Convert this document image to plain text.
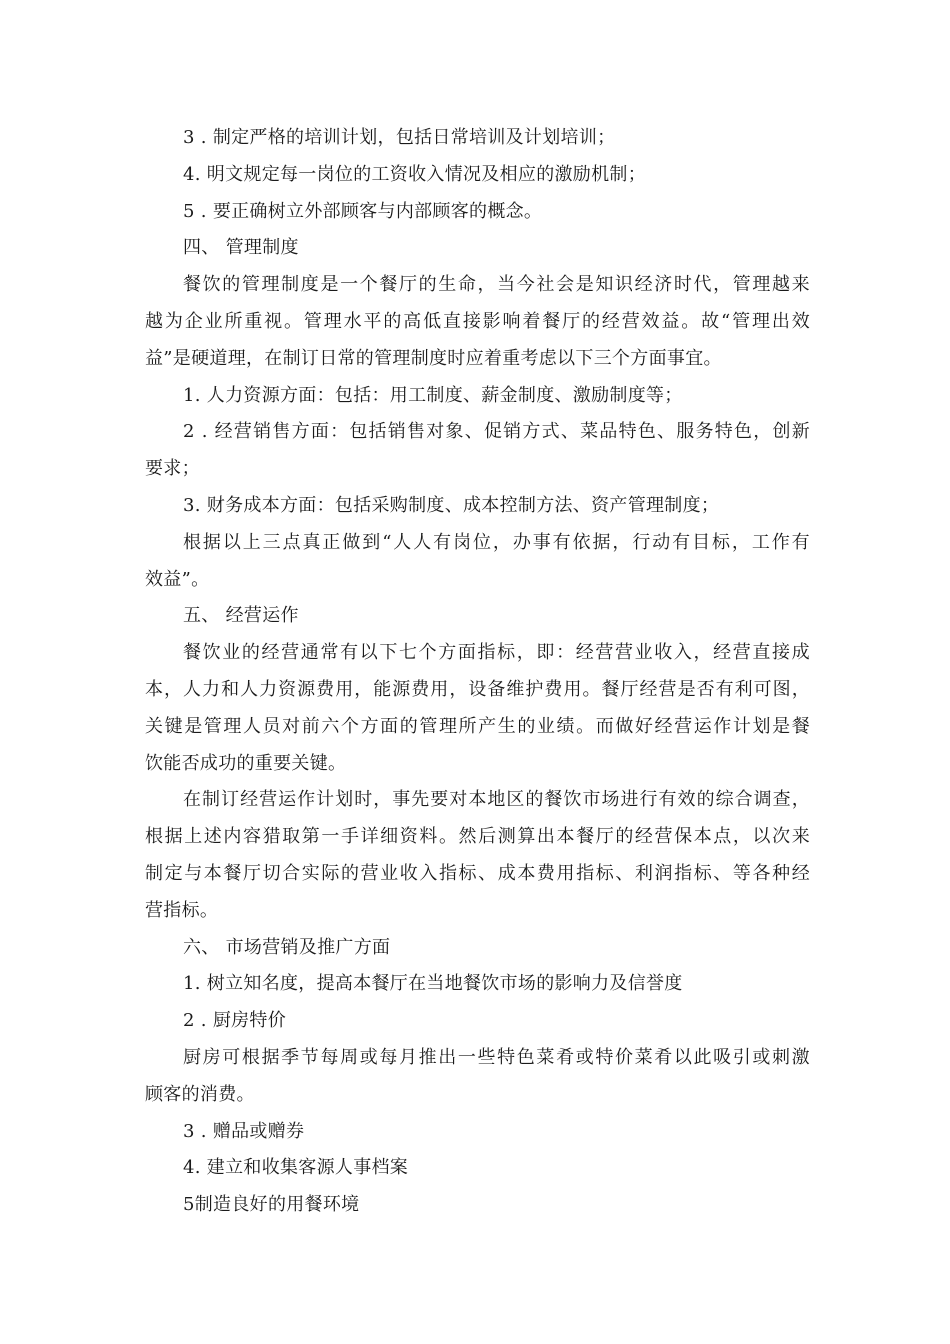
3 . 制定严格的培训计划，包括日常培训及计划培训；
4. 明文规定每一岗位的工资收入情况及相应的激励机制；
5 . 要正确树立外部顾客与内部顾客的概念。
四、 管理制度
餐饮的管理制度是一个餐厅的生命，当今社会是知识经济时代，管理越来
越为企业所重视。管理水平的高低直接影响着餐厅的经营效益。故“管理出效
益”是硬道理，在制订日常的管理制度时应着重考虑以下三个方面事宜。
1. 人力资源方面：包括：用工制度、薪金制度、激励制度等；
2 . 经营销售方面：包括销售对象、促销方式、菜品特色、服务特色，创新
要求；
3. 财务成本方面：包括采购制度、成本控制方法、资产管理制度；
根据以上三点真正做到“人人有岗位，办事有依据，行动有目标，工作有
效益”。
五、 经营运作
餐饮业的经营通常有以下七个方面指标，即：经营营业收入，经营直接成
本，人力和人力资源费用，能源费用，设备维护费用。餐厅经营是否有利可图，
关键是管理人员对前六个方面的管理所产生的业绩。而做好经营运作计划是餐
饮能否成功的重要关键。
在制订经营运作计划时，事先要对本地区的餐饮市场进行有效的综合调查，
根据上述内容猎取第一手详细资料。然后测算出本餐厅的经营保本点，以次来
制定与本餐厅切合实际的营业收入指标、成本费用指标、利润指标、等各种经
营指标。
六、 市场营销及推广方面
1. 树立知名度，提高本餐厅在当地餐饮市场的影响力及信誉度
2 . 厨房特价
厨房可根据季节每周或每月推出一些特色菜肴或特价菜肴以此吸引或刺激
顾客的消费。
3 . 赠品或赠券
4. 建立和收集客源人事档案
5制造良好的用餐环境
